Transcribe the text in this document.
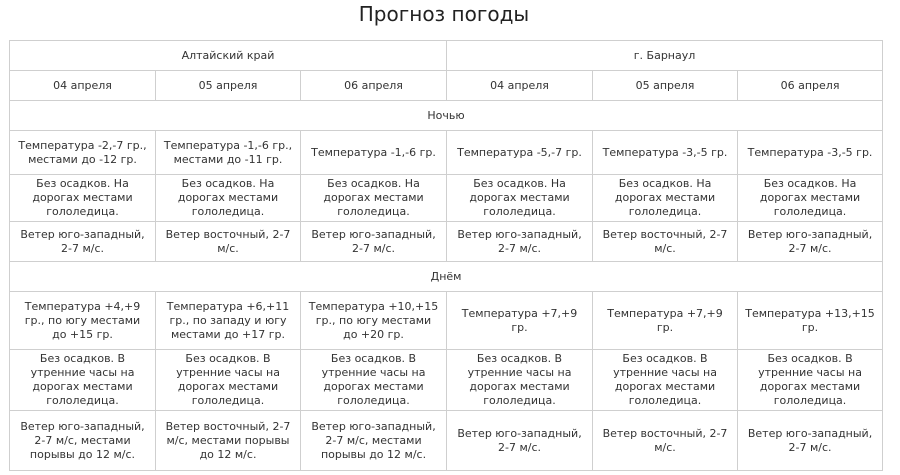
Прогноз погоды
Алтайский край			г. Барнаул		
04 апреля	05 апреля	06 апреля	04 апреля	05 апреля	06 апреля
Ночью					
Температура -2,-7 гр., местами до -12 гр.	Температура -1,-6 гр., местами до -11 гр.	Температура -1,-6 гр.	Температура -5,-7 гр.	Температура -3,-5 гр.	Температура -3,-5 гр.
Без осадков. На дорогах местами гололедица.	Без осадков. На дорогах местами гололедица.	Без осадков. На дорогах местами гололедица.	Без осадков. На дорогах местами гололедица.	Без осадков. На дорогах местами гололедица.	Без осадков. На дорогах местами гололедица.
Ветер юго-западный, 2-7 м/с.	Ветер восточный, 2-7 м/с.	Ветер юго-западный, 2-7 м/с.	Ветер юго-западный, 2-7 м/с.	Ветер восточный, 2-7 м/с.	Ветер юго-западный, 2-7 м/с.
Днём					
Температура +4,+9 гр., по югу местами до +15 гр.	Температура +6,+11 гр., по западу и югу местами до +17 гр.	Температура +10,+15 гр., по югу местами до +20 гр.	Температура +7,+9 гр.	Температура +7,+9 гр.	Температура +13,+15 гр.
Без осадков. В утренние часы на дорогах местами гололедица.	Без осадков. В утренние часы на дорогах местами гололедица.	Без осадков. В утренние часы на дорогах местами гололедица.	Без осадков. В утренние часы на дорогах местами гололедица.	Без осадков. В утренние часы на дорогах местами гололедица.	Без осадков. В утренние часы на дорогах местами гололедица.
Ветер юго-западный, 2-7 м/с, местами порывы до 12 м/с.	Ветер восточный, 2-7 м/с, местами порывы до 12 м/с.	Ветер юго-западный, 2-7 м/с, местами порывы до 12 м/с.	Ветер юго-западный, 2-7 м/с.	Ветер восточный, 2-7 м/с.	Ветер юго-западный, 2-7 м/с.
